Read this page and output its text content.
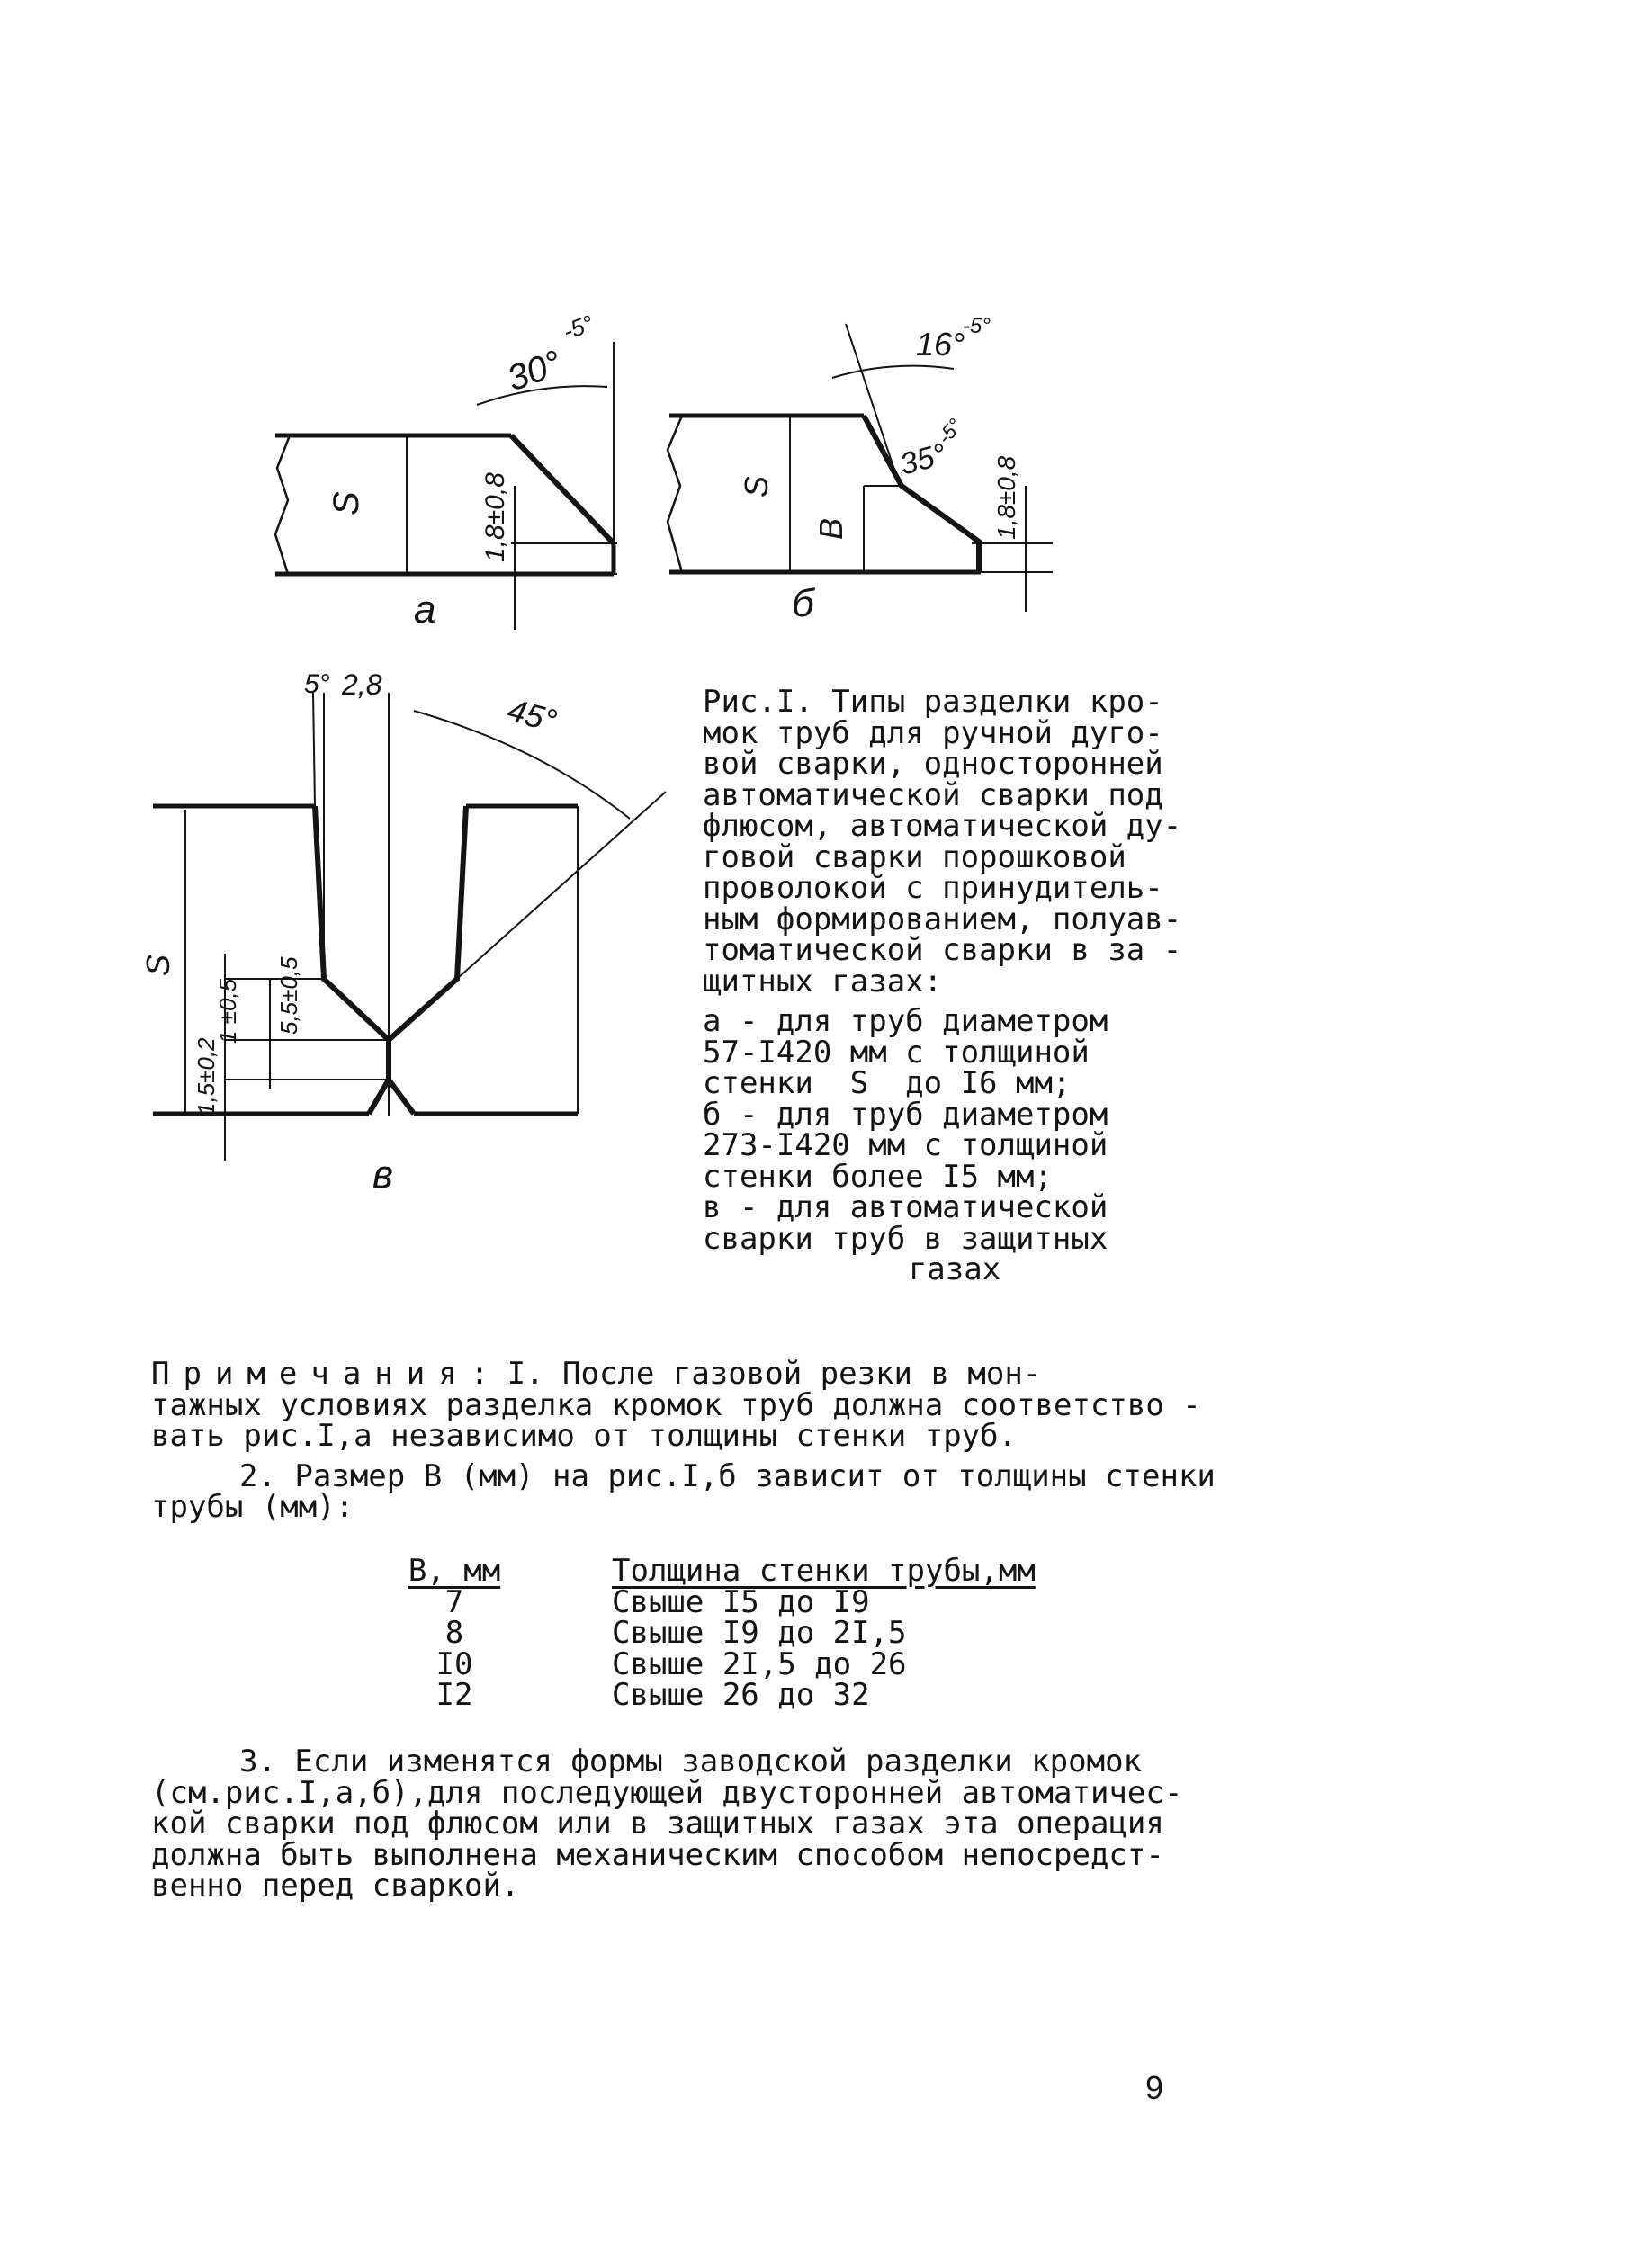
S	1,8±0,8
30°
-5°
а
S
В	1,8±0,8
16°
-5°
35°
-5°
б
S
1 ±0,5 5,5±0,5
1,5±0,2
5° 2,8
45°
в
Рис.I. Типы разделки кро-
мок труб для ручной дуго-
вой сварки, односторонней
автоматической сварки под
флюсом, автоматической ду-
говой сварки порошковой
проволокой с принудитель-
ным формированием, полуав-
томатической сварки в за -
щитных газах:
а - для труб диаметром
57-I420 мм с толщиной
стенки  S  до I6 мм;
б - для труб диаметром
273-I420 мм с толщиной
стенки более I5 мм;
в - для автоматической
сварки труб в защитных
газах

Примечания: I. После газовой резки в мон-

тажных условиях разделка кромок труб должна соответство -

вать рис.I,а независимо от толщины стенки труб.

2. Размер В (мм) на рис.I,б зависит от толщины стенки

трубы (мм):

В, мм	Толщина стенки трубы,мм
7	Свыше I5 до I9
8	Свыше I9 до 2I,5
I0	Свыше 2I,5 до 26
I2	Свыше 26 до 32

3. Если изменятся формы заводской разделки кромок

(см.рис.I,а,б),для последующей двусторонней автоматичес-

кой сварки под флюсом или в защитных газах эта операция

должна быть выполнена механическим способом непосредст-

венно перед сваркой.

9
